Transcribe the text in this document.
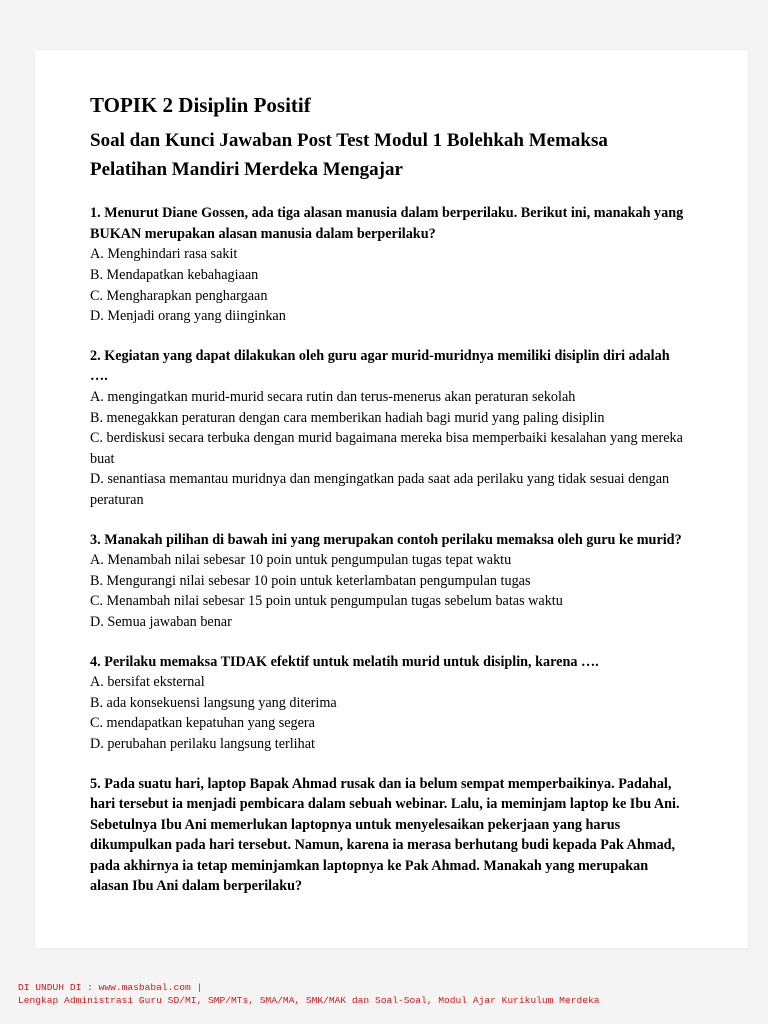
TOPIK 2 Disiplin Positif
Soal dan Kunci Jawaban Post Test Modul 1 Bolehkah Memaksa Pelatihan Mandiri Merdeka Mengajar
1. Menurut Diane Gossen, ada tiga alasan manusia dalam berperilaku. Berikut ini, manakah yang BUKAN merupakan alasan manusia dalam berperilaku?
A. Menghindari rasa sakit
B. Mendapatkan kebahagiaan
C. Mengharapkan penghargaan
D. Menjadi orang yang diinginkan
2. Kegiatan yang dapat dilakukan oleh guru agar murid-muridnya memiliki disiplin diri adalah ….
A. mengingatkan murid-murid secara rutin dan terus-menerus akan peraturan sekolah
B. menegakkan peraturan dengan cara memberikan hadiah bagi murid yang paling disiplin
C. berdiskusi secara terbuka dengan murid bagaimana mereka bisa memperbaiki kesalahan yang mereka buat
D. senantiasa memantau muridnya dan mengingatkan pada saat ada perilaku yang tidak sesuai dengan peraturan
3. Manakah pilihan di bawah ini yang merupakan contoh perilaku memaksa oleh guru ke murid?
A. Menambah nilai sebesar 10 poin untuk pengumpulan tugas tepat waktu
B. Mengurangi nilai sebesar 10 poin untuk keterlambatan pengumpulan tugas
C. Menambah nilai sebesar 15 poin untuk pengumpulan tugas sebelum batas waktu
D. Semua jawaban benar
4. Perilaku memaksa TIDAK efektif untuk melatih murid untuk disiplin, karena ….
A. bersifat eksternal
B. ada konsekuensi langsung yang diterima
C. mendapatkan kepatuhan yang segera
D. perubahan perilaku langsung terlihat
5. Pada suatu hari, laptop Bapak Ahmad rusak dan ia belum sempat memperbaikinya. Padahal, hari tersebut ia menjadi pembicara dalam sebuah webinar. Lalu, ia meminjam laptop ke Ibu Ani. Sebetulnya Ibu Ani memerlukan laptopnya untuk menyelesaikan pekerjaan yang harus dikumpulkan pada hari tersebut. Namun, karena ia merasa berhutang budi kepada Pak Ahmad, pada akhirnya ia tetap meminjamkan laptopnya ke Pak Ahmad. Manakah yang merupakan alasan Ibu Ani dalam berperilaku?
DI UNDUH DI : www.masbabal.com |
Lengkap Administrasi Guru SD/MI, SMP/MTs, SMA/MA, SMK/MAK dan Soal-Soal, Modul Ajar Kurikulum Merdeka
